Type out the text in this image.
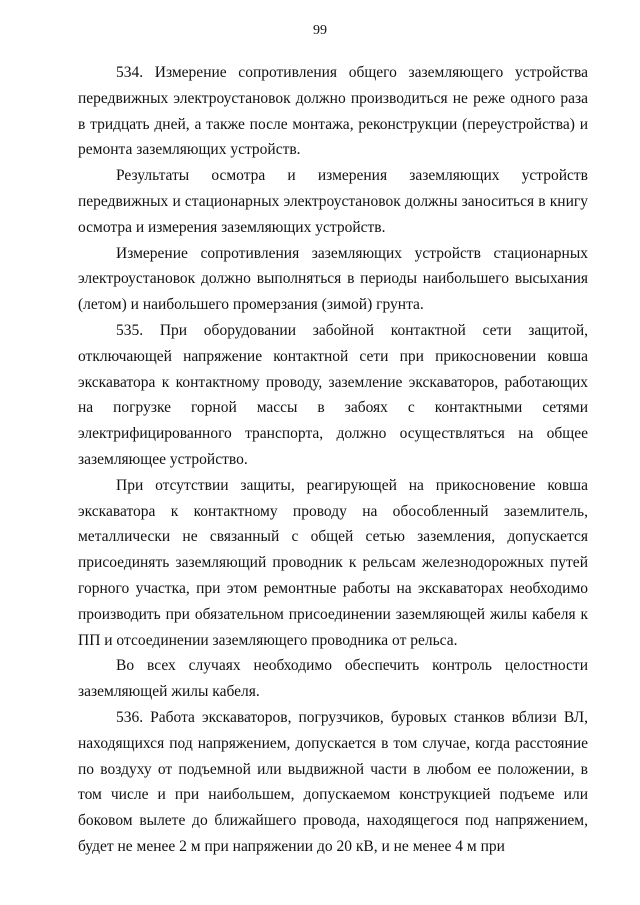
99

534. Измерение сопротивления общего заземляющего устройства передвижных электроустановок должно производиться не реже одного раза в тридцать дней, а также после монтажа, реконструкции (переустройства) и ремонта заземляющих устройств.

Результаты осмотра и измерения заземляющих устройств передвижных и стационарных электроустановок должны заноситься в книгу осмотра и измерения заземляющих устройств.

Измерение сопротивления заземляющих устройств стационарных электроустановок должно выполняться в периоды наибольшего высыхания (летом) и наибольшего промерзания (зимой) грунта.

535. При оборудовании забойной контактной сети защитой, отключающей напряжение контактной сети при прикосновении ковша экскаватора к контактному проводу, заземление экскаваторов, работающих на погрузке горной массы в забоях с контактными сетями электрифицированного транспорта, должно осуществляться на общее заземляющее устройство.

При отсутствии защиты, реагирующей на прикосновение ковша экскаватора к контактному проводу на обособленный заземлитель, металлически не связанный с общей сетью заземления, допускается присоединять заземляющий проводник к рельсам железнодорожных путей горного участка, при этом ремонтные работы на экскаваторах необходимо производить при обязательном присоединении заземляющей жилы кабеля к ПП и отсоединении заземляющего проводника от рельса.

Во всех случаях необходимо обеспечить контроль целостности заземляющей жилы кабеля.

536. Работа экскаваторов, погрузчиков, буровых станков вблизи ВЛ, находящихся под напряжением, допускается в том случае, когда расстояние по воздуху от подъемной или выдвижной части в любом ее положении, в том числе и при наибольшем, допускаемом конструкцией подъеме или боковом вылете до ближайшего провода, находящегося под напряжением, будет не менее 2 м при напряжении до 20 кВ, и не менее 4 м при
